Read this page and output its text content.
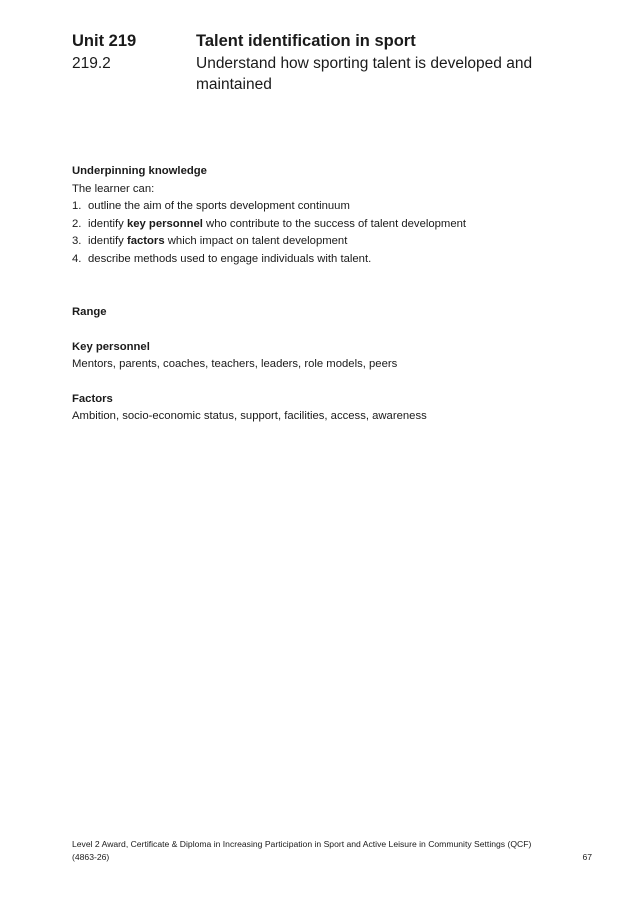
Unit 219	Talent identification in sport
219.2	Understand how sporting talent is developed and maintained
Underpinning knowledge
The learner can:
1. outline the aim of the sports development continuum
2. identify key personnel who contribute to the success of talent development
3. identify factors which impact on talent development
4. describe methods used to engage individuals with talent.
Range
Key personnel
Mentors, parents, coaches, teachers, leaders, role models, peers
Factors
Ambition, socio-economic status, support, facilities, access, awareness
Level 2 Award, Certificate & Diploma in Increasing Participation in Sport and Active Leisure in Community Settings (QCF)
(4863-26)	67
